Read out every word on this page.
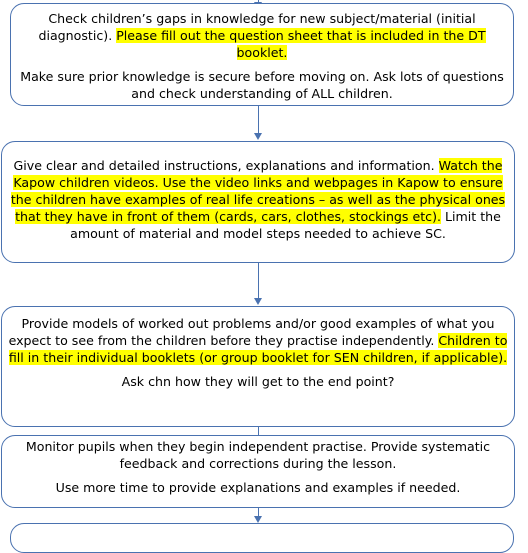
Check children’s gaps in knowledge for new subject/material (initial diagnostic). Please fill out the question sheet that is included in the DT booklet.

Make sure prior knowledge is secure before moving on. Ask lots of questions and check understanding of ALL children.

Give clear and detailed instructions, explanations and information. Watch the Kapow children videos. Use the video links and webpages in Kapow to ensure the children have examples of real life creations – as well as the physical ones that they have in front of them (cards, cars, clothes, stockings etc). Limit the amount of material and model steps needed to achieve SC.

Provide models of worked out problems and/or good examples of what you expect to see from the children before they practise independently. Children to fill in their individual booklets (or group booklet for SEN children, if applicable).

Ask chn how they will get to the end point?

Monitor pupils when they begin independent practise. Provide systematic feedback and corrections during the lesson.

Use more time to provide explanations and examples if needed.
